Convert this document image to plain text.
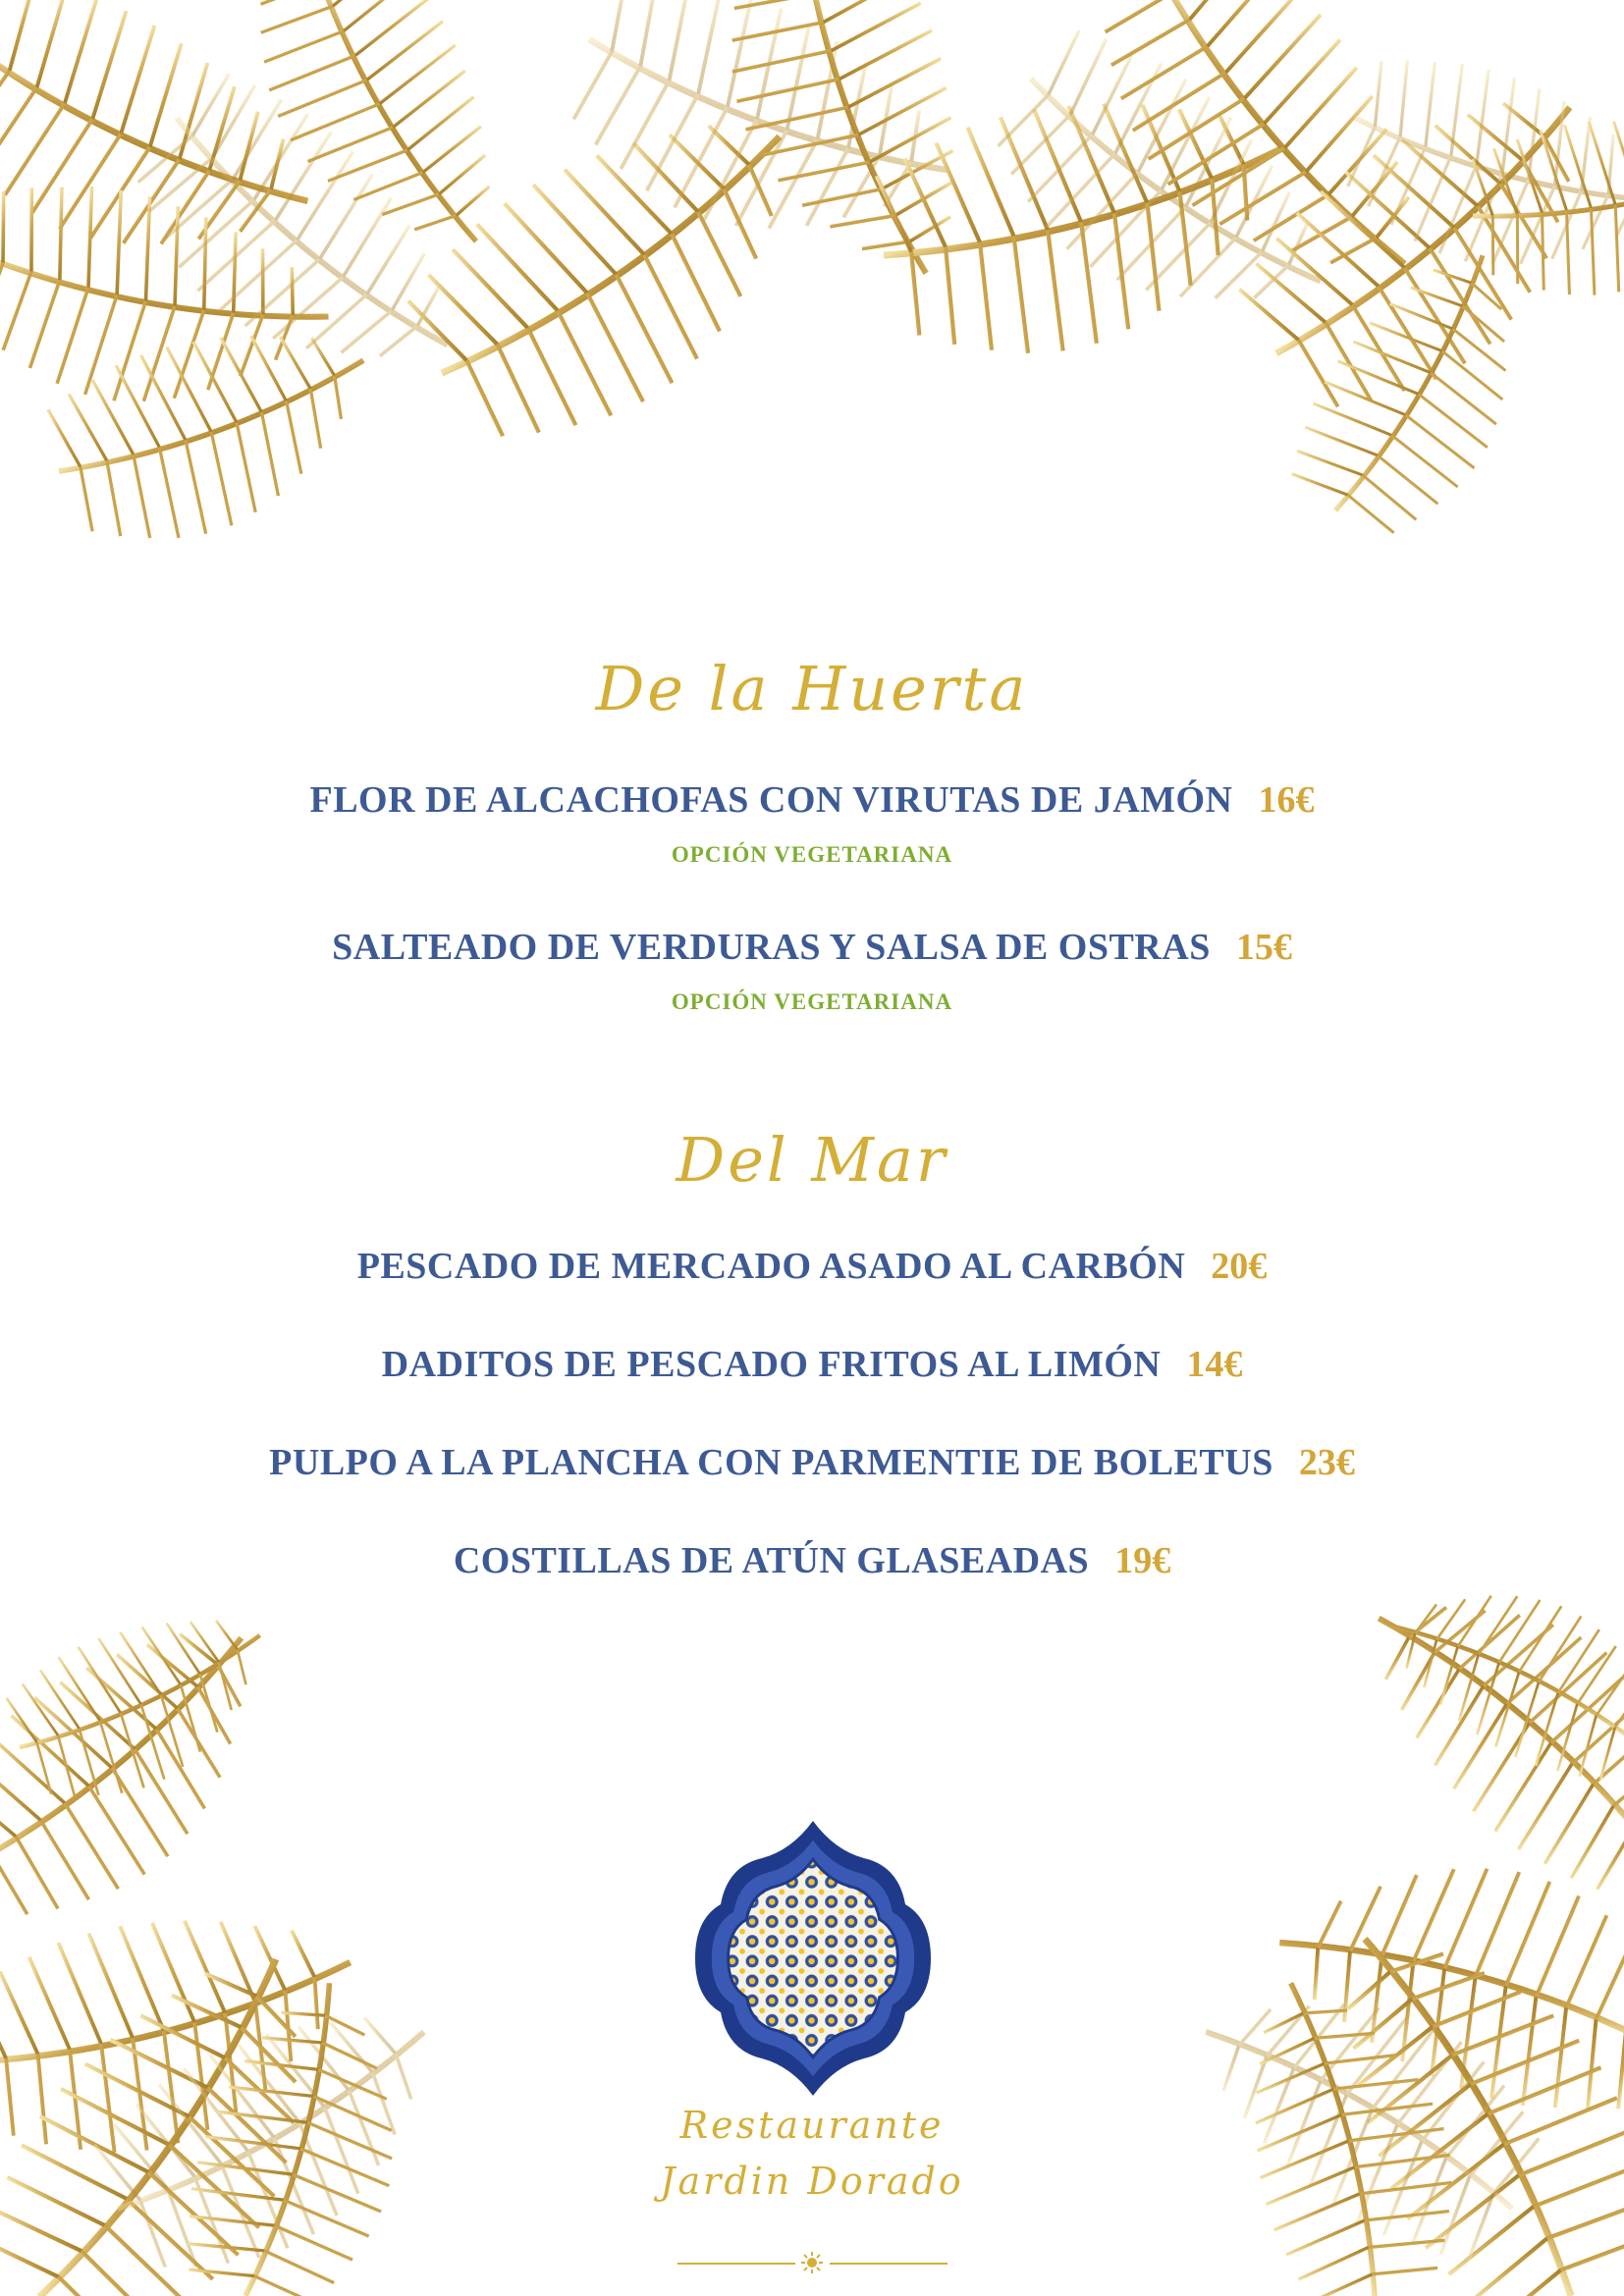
De la Huerta
FLOR DE ALCACHOFAS CON VIRUTAS DE JAMÓN 16€
OPCIÓN VEGETARIANA
SALTEADO DE VERDURAS Y SALSA DE OSTRAS 15€
OPCIÓN VEGETARIANA
Del Mar
PESCADO DE MERCADO ASADO AL CARBÓN 20€
DADITOS DE PESCADO FRITOS AL LIMÓN 14€
PULPO A LA PLANCHA CON PARMENTIE DE BOLETUS 23€
COSTILLAS DE ATÚN GLASEADAS 19€
Restaurante
Jardin Dorado
